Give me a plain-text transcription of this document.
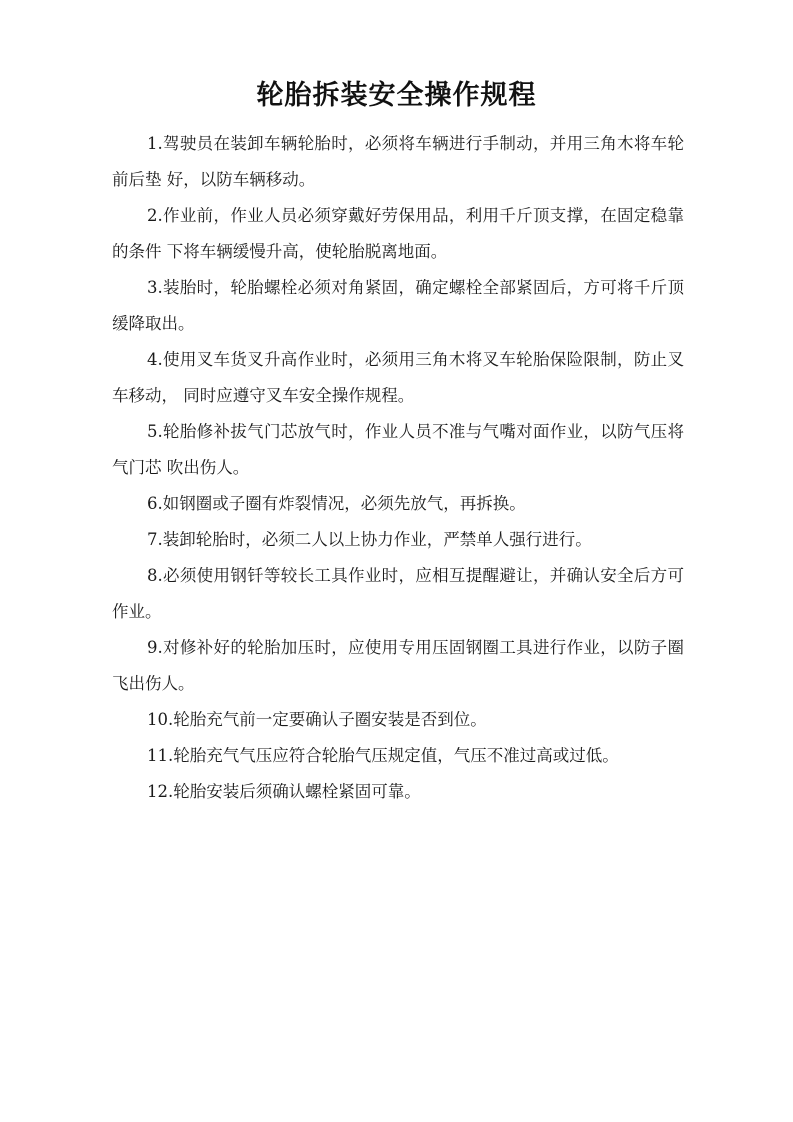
轮胎拆装安全操作规程

1.驾驶员在装卸车辆轮胎时，必须将车辆进行手制动，并用三角木将车轮前后垫 好，以防车辆移动。

2.作业前，作业人员必须穿戴好劳保用品，利用千斤顶支撑，在固定稳靠的条件 下将车辆缓慢升高，使轮胎脱离地面。

3.装胎时，轮胎螺栓必须对角紧固，确定螺栓全部紧固后，方可将千斤顶缓降取出。

4.使用叉车货叉升高作业时，必须用三角木将叉车轮胎保险限制，防止叉车移动， 同时应遵守叉车安全操作规程。

5.轮胎修补拔气门芯放气时，作业人员不准与气嘴对面作业，以防气压将气门芯 吹出伤人。

6.如钢圈或子圈有炸裂情况，必须先放气，再拆换。

7.装卸轮胎时，必须二人以上协力作业，严禁单人强行进行。

8.必须使用钢钎等较长工具作业时，应相互提醒避让，并确认安全后方可作业。

9.对修补好的轮胎加压时，应使用专用压固钢圈工具进行作业，以防子圈飞出伤人。

10.轮胎充气前一定要确认子圈安装是否到位。

11.轮胎充气气压应符合轮胎气压规定值，气压不准过高或过低。

12.轮胎安装后须确认螺栓紧固可靠。
